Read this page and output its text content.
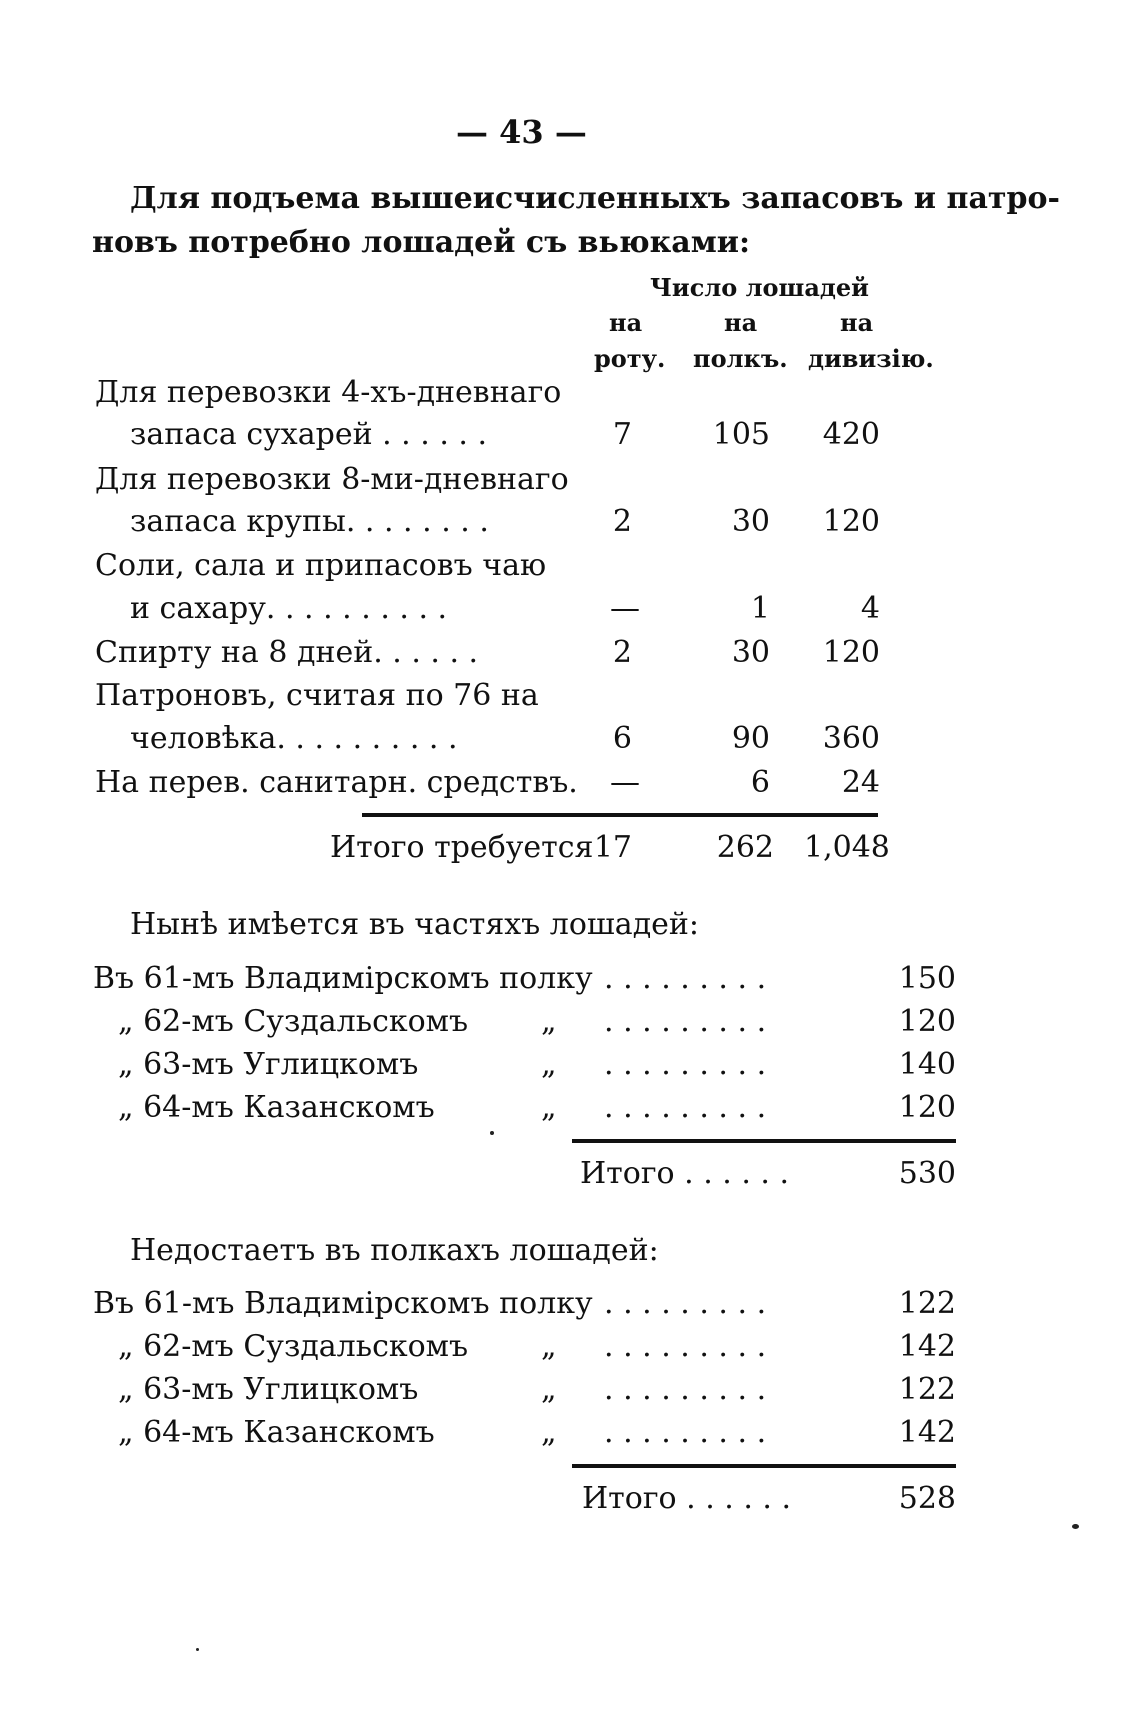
— 43 —
Для подъема вышеисчисленныхъ запасовъ и патро-
новъ потребно лошадей съ вьюками:
Число лошадей
на	на	на
роту. полкъ. дивизію.
Для перевозки 4-хъ-дневнаго
запаса сухарей . . . . . .	7	105	420
Для перевозки 8-ми-дневнаго
запаса крупы. . . . . . . .	2	30	120
Соли, сала и припасовъ чаю
и сахару. . . . . . . . . .	—	1	4
Спирту на 8 дней. . . . . .	2	30	120
Патроновъ, считая по 76 на
человѣка. . . . . . . . . .	6	90	360
На перев. санитарн. средствъ.	—	6	24
Итого требуется 17	262 1,048
Нынѣ имѣется въ частяхъ лошадей:
Въ 61-мъ Владимірскомъ полку . . . . . . . . .	150
„ 62-мъ Суздальскомъ „ . . . . . . . . .	120
„ 63-мъ Углицкомъ	„ . . . . . . . . .	140
„ 64-мъ Казанскомъ	„ . . . . . . . . .	120
Итого . . . . . .	530
Недостаетъ въ полкахъ лошадей:
Въ 61-мъ Владимірскомъ полку . . . . . . . . .	122
„ 62-мъ Суздальскомъ „ . . . . . . . . .	142
„ 63-мъ Углицкомъ	„ . . . . . . . . .	122
„ 64-мъ Казанскомъ	„ . . . . . . . . .	142
Итого . . . . . .	528
